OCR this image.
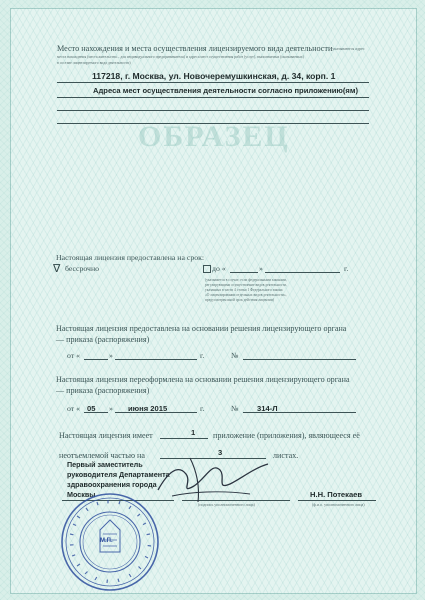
ОБРАЗЕЦ
Место нахождения и места осуществления лицензируемого вида деятельности
(указываются адрес
места нахождения (места жительства – для индивидуального предпринимателя) и адреса мест осуществления работ (услуг), выполняемых (оказываемых)
в составе лицензируемого вида деятельности)
117218, г. Москва, ул. Новочеремушкинская, д. 34, корп. 1
Адреса мест осуществления деятельности согласно приложению(ям)
Настоящая лицензия предоставлена на срок:
∇ бессрочно	до «	»	г.
(указывается в случае, если федеральными законами,
регулирующими осуществление видов деятельности,
указанных в части 4 статьи 1 Федерального закона
«О лицензировании отдельных видов деятельности»,
предусмотрен иной срок действия лицензии)
Настоящая лицензия предоставлена на основании решения лицензирующего органа
— приказа (распоряжения)
от «	»	г.	№
Настоящая лицензия переоформлена на основании решения лицензирующего органа
— приказа (распоряжения)
от « 05 » июня 2015	г.	№ 314-Л
Настоящая лицензия имеет	1 приложение (приложения), являющееся её
неотъемлемой частью на	3	листах.
Первый заместитель
руководителя Департамента
здравоохранения города
Москвы
(подпись уполномоченного лица)
Н.Н. Потекаев
(ф.и.о. уполномоченного лица)
М.П.
